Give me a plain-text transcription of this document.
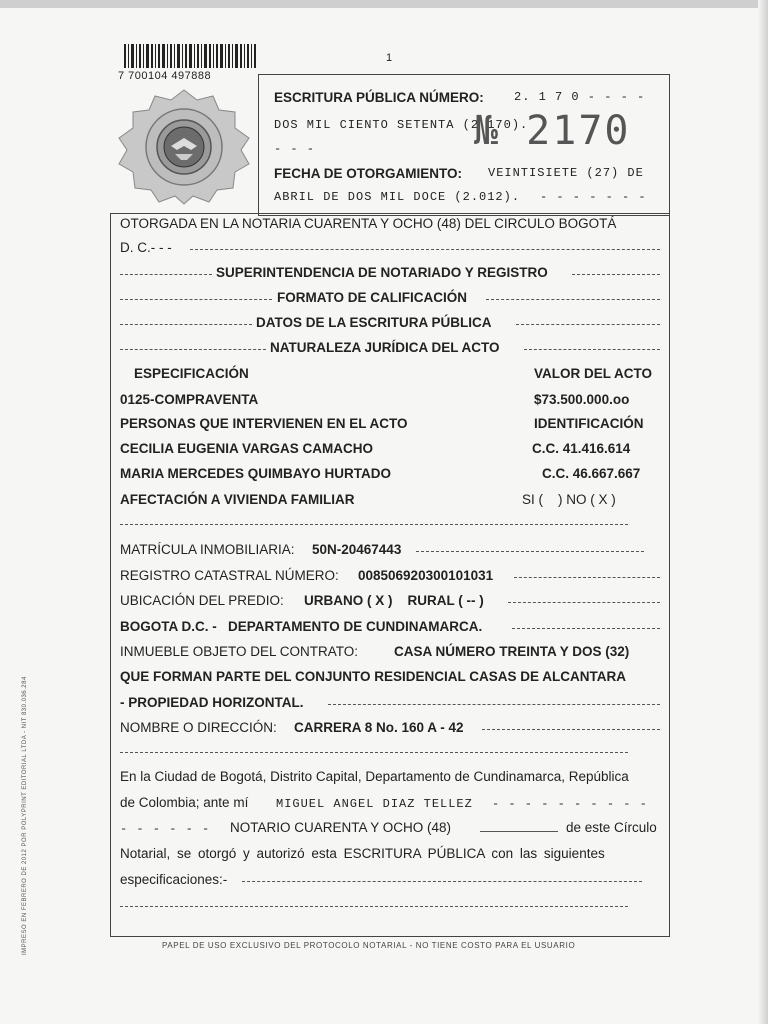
1
7 700104 497888
ESCRITURA PÚBLICA NÚMERO:	2. 1 7 0 - - - -
DOS MIL CIENTO SETENTA (2.170).
- - -	№ 2170
FECHA DE OTORGAMIENTO: VEINTISIETE (27) DE
ABRIL DE DOS MIL DOCE (2.012). - - - - - - -
OTORGADA EN LA NOTARIA CUARENTA Y OCHO (48) DEL CIRCULO BOGOTÁ
D. C.- - -
SUPERINTENDENCIA DE NOTARIADO Y REGISTRO
FORMATO DE CALIFICACIÓN
DATOS DE LA ESCRITURA PÚBLICA
NATURALEZA JURÍDICA DEL ACTO
ESPECIFICACIÓN	VALOR DEL ACTO
0125-COMPRAVENTA	$73.500.000.oo
PERSONAS QUE INTERVIENEN EN EL ACTO	IDENTIFICACIÓN
CECILIA EUGENIA VARGAS CAMACHO	C.C. 41.416.614
MARIA MERCEDES QUIMBAYO HURTADO	C.C. 46.667.667
AFECTACIÓN A VIVIENDA FAMILIAR	SI (    ) NO ( X )
MATRÍCULA INMOBILIARIA: 50N-20467443
REGISTRO CATASTRAL NÚMERO: 008506920300101031
UBICACIÓN DEL PREDIO: URBANO ( X )    RURAL ( -- )
BOGOTA D.C. -   DEPARTAMENTO DE CUNDINAMARCA.
INMUEBLE OBJETO DEL CONTRATO:	CASA NÚMERO TREINTA Y DOS (32)
QUE FORMAN PARTE DEL CONJUNTO RESIDENCIAL CASAS DE ALCANTARA
- PROPIEDAD HORIZONTAL.
NOMBRE O DIRECCIÓN: CARRERA 8 No. 160 A - 42
En la Ciudad de Bogotá, Distrito Capital, Departamento de Cundinamarca, República
de Colombia; ante mí MIGUEL ANGEL DIAZ TELLEZ - - - - - - - - - -
- - - - - - NOTARIO CUARENTA Y OCHO (48)	de este Círculo
Notarial, se otorgó y autorizó esta ESCRITURA PÚBLICA con las siguientes
especificaciones:-
PAPEL DE USO EXCLUSIVO DEL PROTOCOLO NOTARIAL - NO TIENE COSTO PARA EL USUARIO
IMPRESO EN FEBRERO DE 2012 POR POLYPRINT EDITORIAL LTDA - NIT 830.036.284
